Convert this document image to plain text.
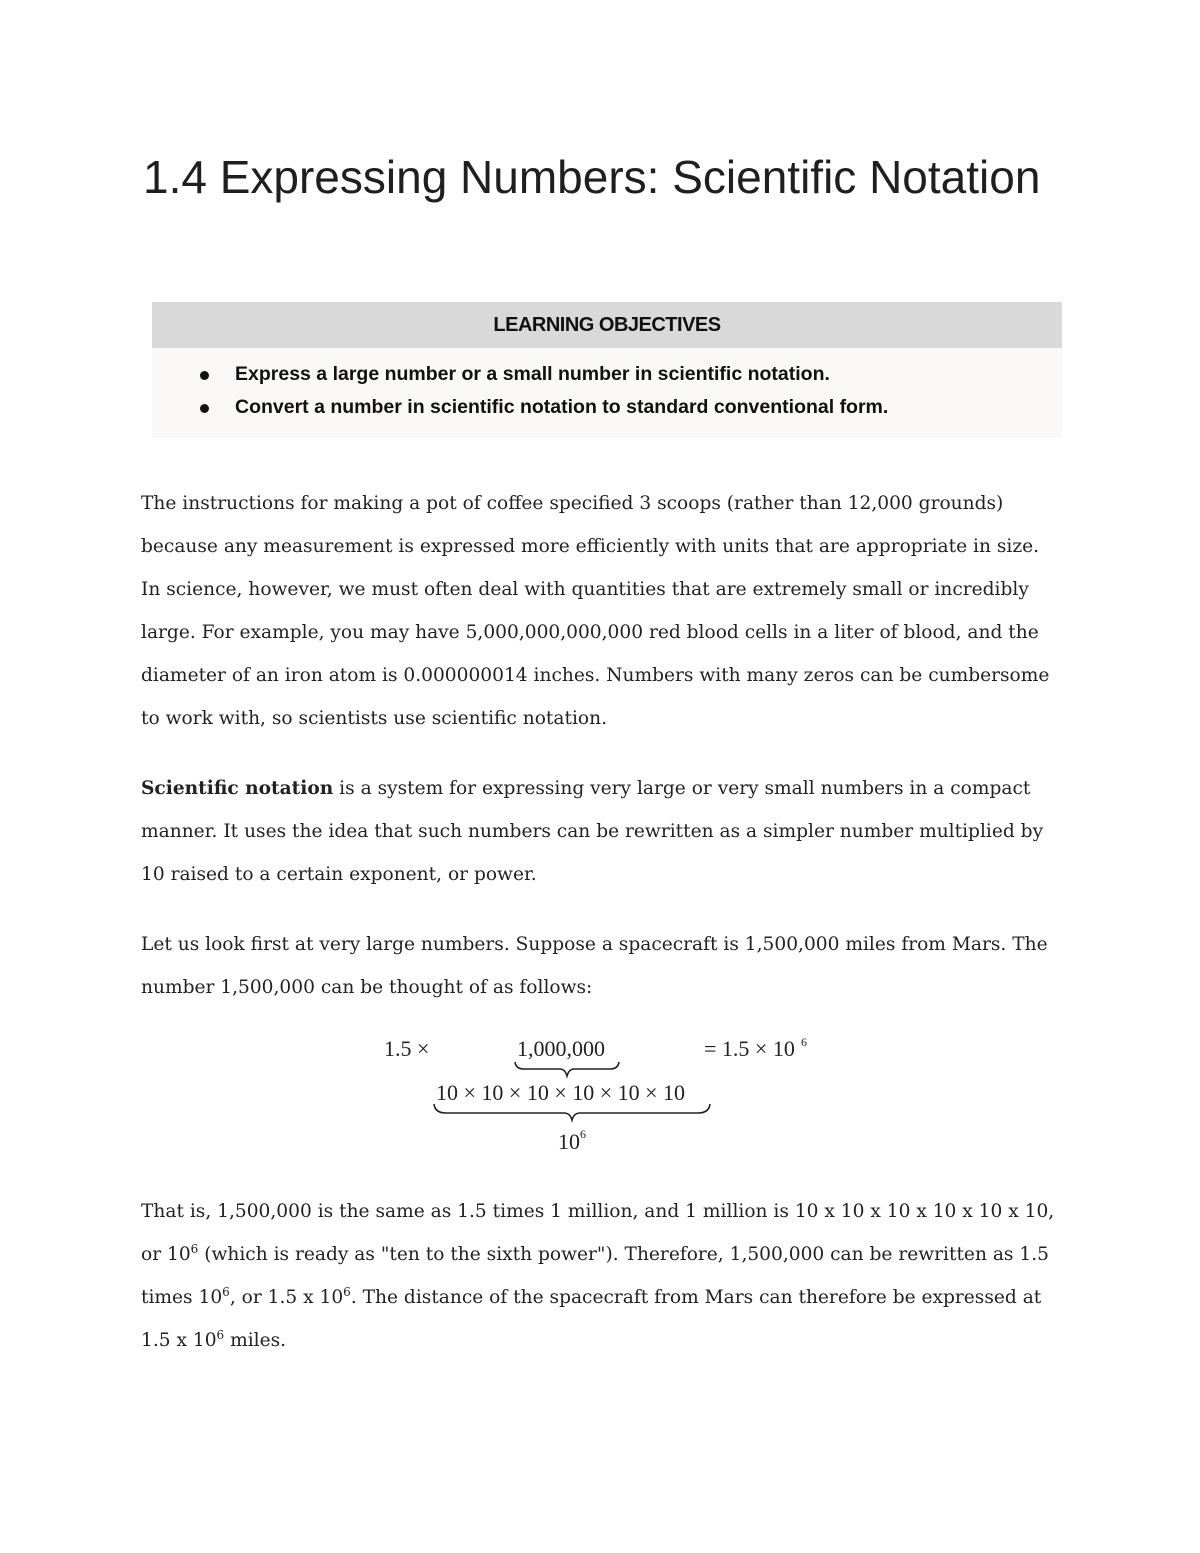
1.4 Expressing Numbers: Scientific Notation
LEARNING OBJECTIVES
Express a large number or a small number in scientific notation.
Convert a number in scientific notation to standard conventional form.

The instructions for making a pot of coffee specified 3 scoops (rather than 12,000 grounds) because any measurement is expressed more efficiently with units that are appropriate in size. In science, however, we must often deal with quantities that are extremely small or incredibly large. For example, you may have 5,000,000,000,000 red blood cells in a liter of blood, and the diameter of an iron atom is 0.000000014 inches. Numbers with many zeros can be cumbersome to work with, so scientists use scientific notation.

Scientific notation is a system for expressing very large or very small numbers in a compact manner. It uses the idea that such numbers can be rewritten as a simpler number multiplied by 10 raised to a certain exponent, or power.

Let us look first at very large numbers. Suppose a spacecraft is 1,500,000 miles from Mars. The number 1,500,000 can be thought of as follows:

1.5 ×	1,000,000	= 1.5 × 10 6
10 × 10 × 10 × 10 × 10 × 10
10 6

That is, 1,500,000 is the same as 1.5 times 1 million, and 1 million is 10 x 10 x 10 x 10 x 10 x 10, or $10^6$ (which is ready as "ten to the sixth power"). Therefore, 1,500,000 can be rewritten as 1.5 times $10^6$, or 1.5 x $10^6$. The distance of the spacecraft from Mars can therefore be expressed at 1.5 x $10^6$ miles.
